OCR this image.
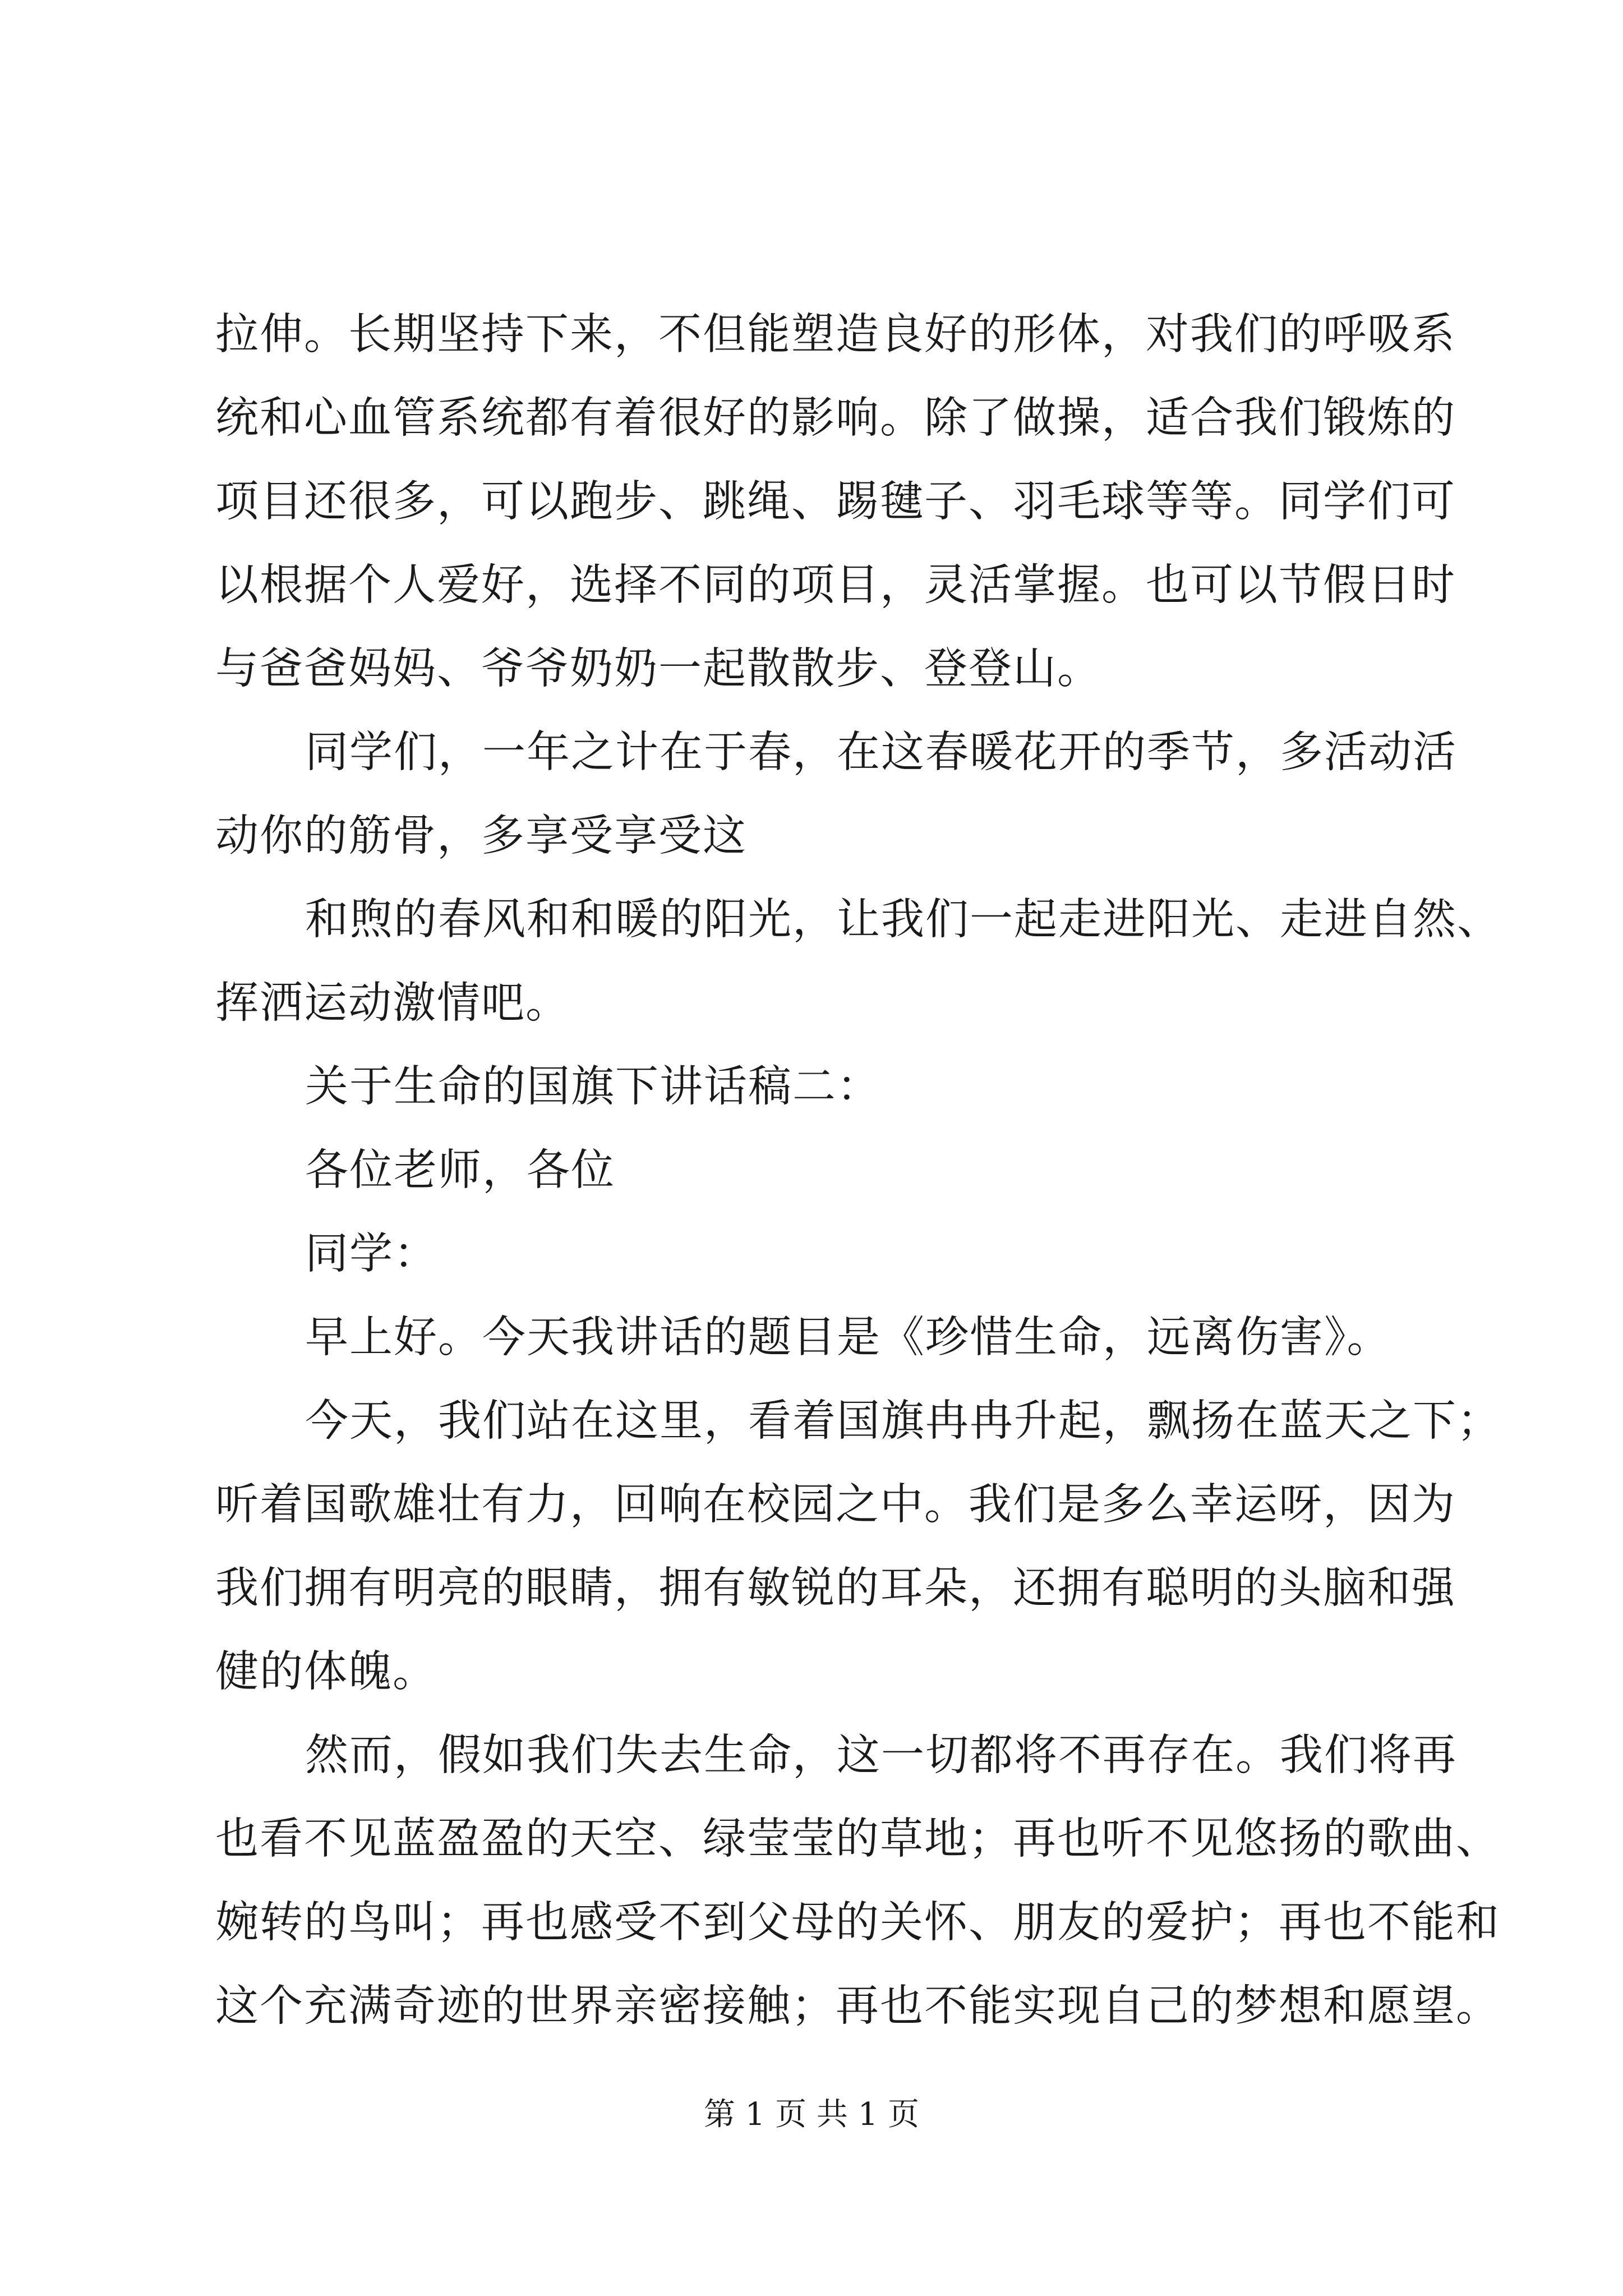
拉伸。长期坚持下来，不但能塑造良好的形体，对我们的呼吸系
统和心血管系统都有着很好的影响。除了做操，适合我们锻炼的
项目还很多，可以跑步、跳绳、踢毽子、羽毛球等等。同学们可
以根据个人爱好，选择不同的项目，灵活掌握。也可以节假日时
与爸爸妈妈、爷爷奶奶一起散散步、登登山。
同学们，一年之计在于春，在这春暖花开的季节，多活动活
动你的筋骨，多享受享受这
和煦的春风和和暖的阳光，让我们一起走进阳光、走进自然、
挥洒运动激情吧。
关于生命的国旗下讲话稿二：
各位老师，各位
同学：
早上好。今天我讲话的题目是《珍惜生命，远离伤害》。
今天，我们站在这里，看着国旗冉冉升起，飘扬在蓝天之下；
听着国歌雄壮有力，回响在校园之中。我们是多么幸运呀，因为
我们拥有明亮的眼睛，拥有敏锐的耳朵，还拥有聪明的头脑和强
健的体魄。
然而，假如我们失去生命，这一切都将不再存在。我们将再
也看不见蓝盈盈的天空、绿莹莹的草地；再也听不见悠扬的歌曲、
婉转的鸟叫；再也感受不到父母的关怀、朋友的爱护；再也不能和
这个充满奇迹的世界亲密接触；再也不能实现自己的梦想和愿望。
第 1 页 共 1 页
